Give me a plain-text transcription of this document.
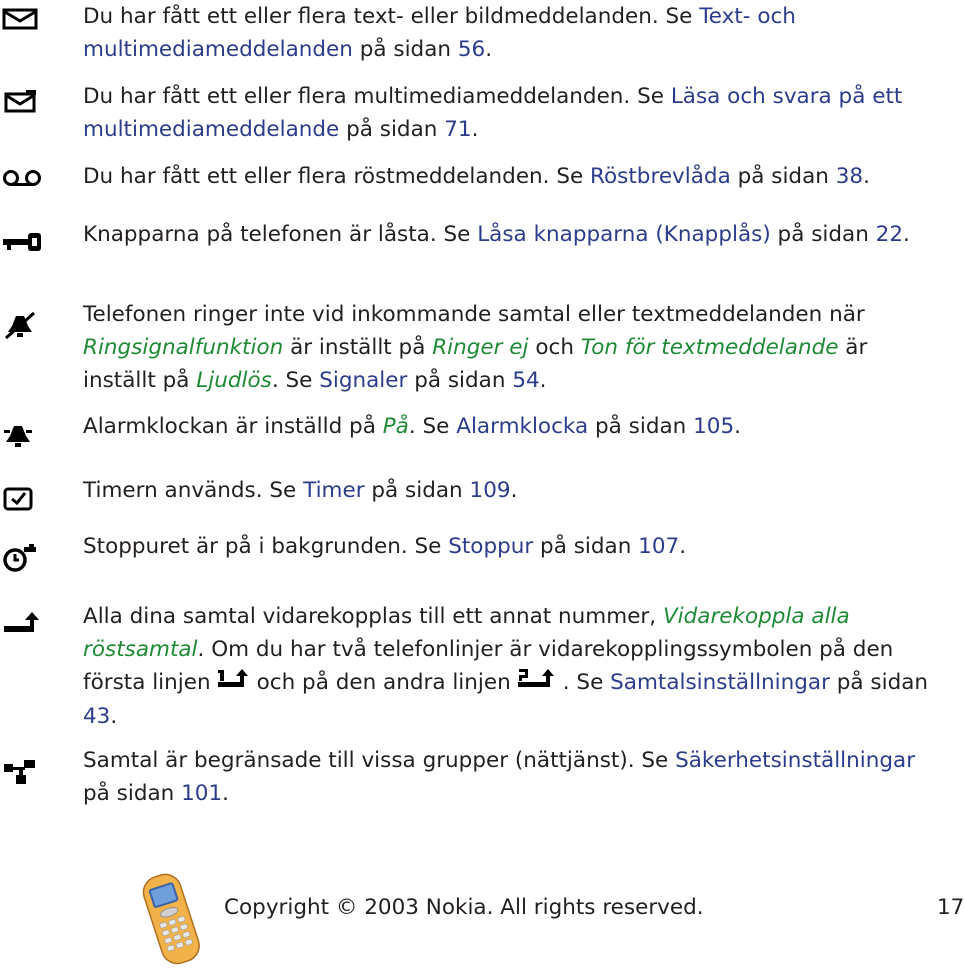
Du har fått ett eller flera text- eller bildmeddelanden. Se Text- och multimediameddelanden på sidan 56.
Du har fått ett eller flera multimediameddelanden. Se Läsa och svara på ett multimediameddelande på sidan 71.
Du har fått ett eller flera röstmeddelanden. Se Röstbrevlåda på sidan 38.
Knapparna på telefonen är låsta. Se Låsa knapparna (Knapplås) på sidan 22.
Telefonen ringer inte vid inkommande samtal eller textmeddelanden när Ringsignalfunktion är inställt på Ringer ej och Ton för textmeddelande är inställt på Ljudlös. Se Signaler på sidan 54.
Alarmklockan är inställd på På. Se Alarmklocka på sidan 105.
Timern används. Se Timer på sidan 109.
Stoppuret är på i bakgrunden. Se Stoppur på sidan 107.
Alla dina samtal vidarekopplas till ett annat nummer, Vidarekoppla alla röstsamtal. Om du har två telefonlinjer är vidarekopplingssymbolen på den första linjen och på den andra linjen . Se Samtalsinställningar på sidan 43.
Samtal är begränsade till vissa grupper (nättjänst). Se Säkerhetsinställningar på sidan 101.
Copyright © 2003 Nokia. All rights reserved.	17
